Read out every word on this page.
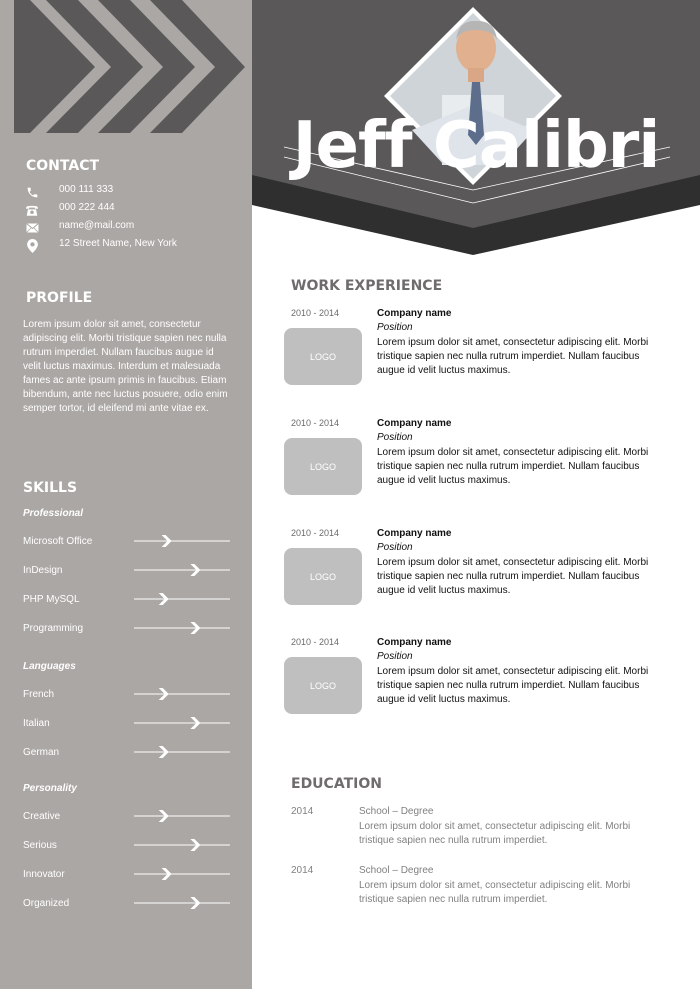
CONTACT
000 111 333
000 222 444
name@mail.com
12 Street Name, New York
PROFILE
Lorem ipsum dolor sit amet, consectetur adipiscing elit. Morbi tristique sapien nec nulla rutrum imperdiet. Nullam faucibus augue id velit luctus maximus. Interdum et malesuada fames ac ante ipsum primis in faucibus. Etiam bibendum, ante nec luctus posuere, odio enim semper tortor, id eleifend mi ante vitae ex.
SKILLS
Professional
Microsoft Office
InDesign
PHP MySQL
Programming
Languages
French
Italian
German
Personality
Creative
Serious
Innovator
Organized
Jeff Calibri
WORK EXPERIENCE
2010 - 2014
LOGO
Company name
Position
Lorem ipsum dolor sit amet, consectetur adipiscing elit. Morbi tristique sapien nec nulla rutrum imperdiet. Nullam faucibus augue id velit luctus maximus.
2010 - 2014
LOGO
Company name
Position
Lorem ipsum dolor sit amet, consectetur adipiscing elit. Morbi tristique sapien nec nulla rutrum imperdiet. Nullam faucibus augue id velit luctus maximus.
2010 - 2014
LOGO
Company name
Position
Lorem ipsum dolor sit amet, consectetur adipiscing elit. Morbi tristique sapien nec nulla rutrum imperdiet. Nullam faucibus augue id velit luctus maximus.
2010 - 2014
LOGO
Company name
Position
Lorem ipsum dolor sit amet, consectetur adipiscing elit. Morbi tristique sapien nec nulla rutrum imperdiet. Nullam faucibus augue id velit luctus maximus.
EDUCATION
2014	School – Degree
Lorem ipsum dolor sit amet, consectetur adipiscing elit. Morbi tristique sapien nec nulla rutrum imperdiet.
2014	School – Degree
Lorem ipsum dolor sit amet, consectetur adipiscing elit. Morbi tristique sapien nec nulla rutrum imperdiet.
